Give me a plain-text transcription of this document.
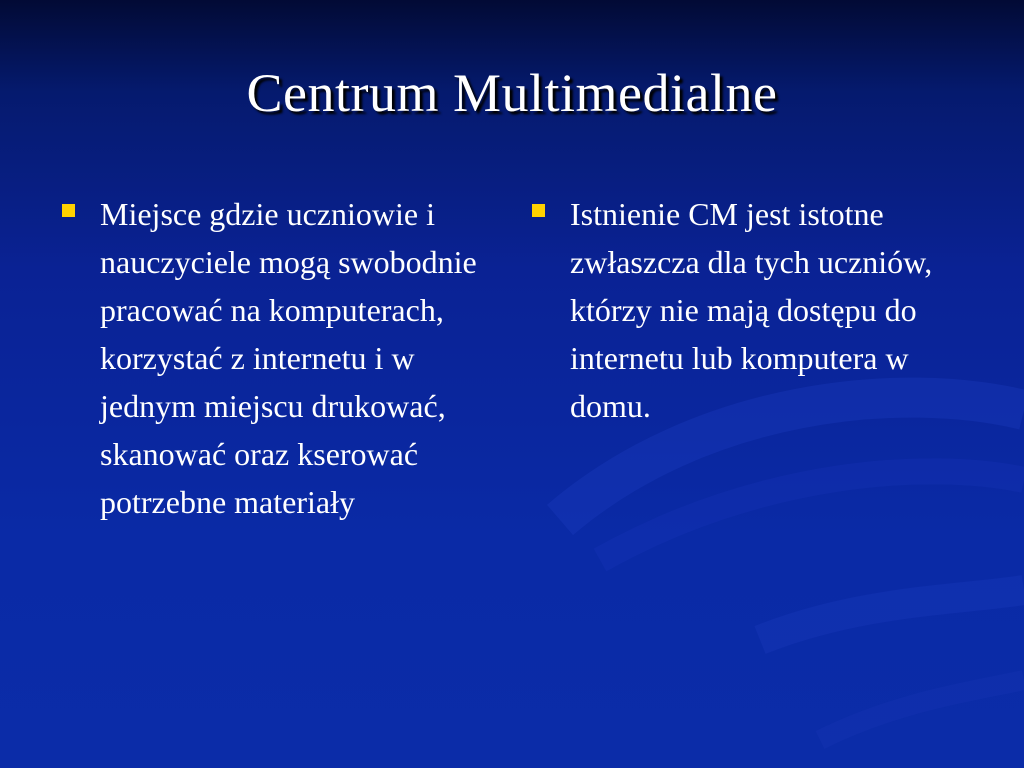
Centrum Multimedialne
Miejsce gdzie uczniowie i nauczyciele mogą swobodnie pracować na komputerach, korzystać z internetu i w jednym miejscu drukować, skanować oraz kserować potrzebne materiały
Istnienie CM jest istotne zwłaszcza dla tych uczniów, którzy nie mają dostępu do internetu lub komputera w domu.
